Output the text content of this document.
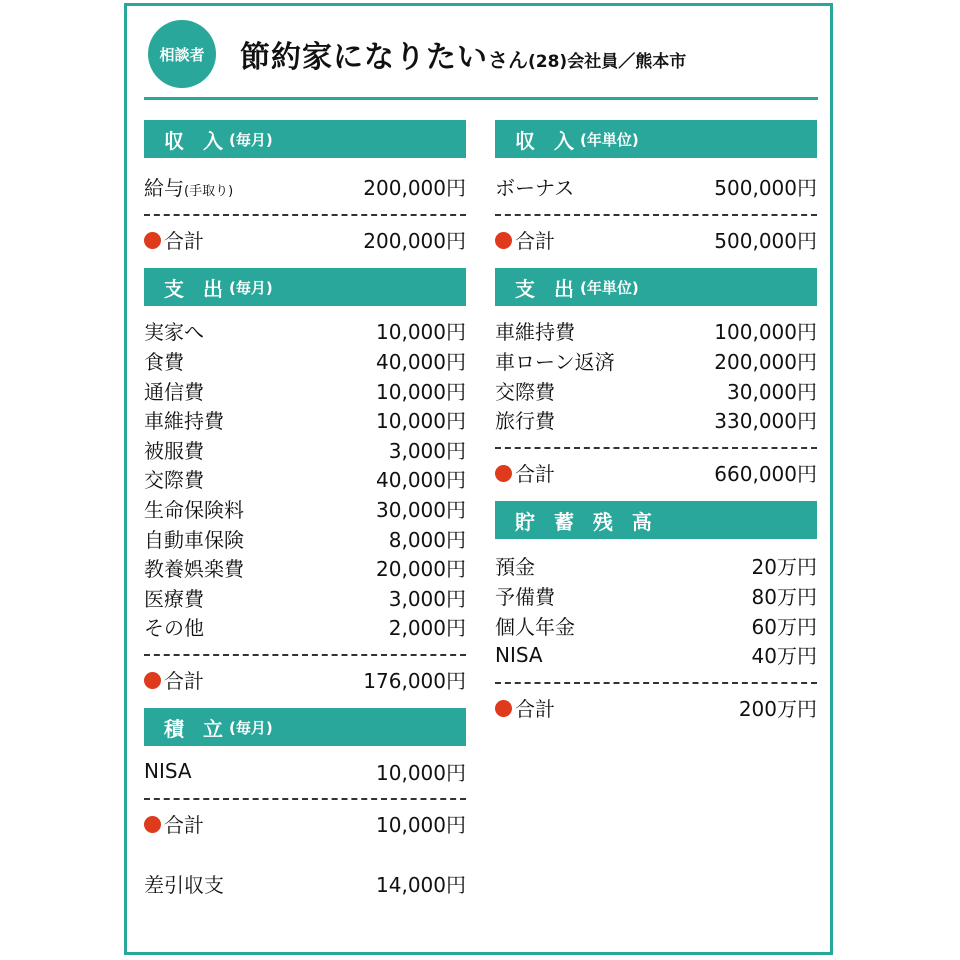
相談者	節約家になりたいさん(28)会社員／熊本市
収 入 (毎月)
給与(手取り)	200,000円
合計	200,000円
支 出 (毎月)
実家へ	10,000円
食費	40,000円
通信費	10,000円
車維持費	10,000円
被服費	3,000円
交際費	40,000円
生命保険料	30,000円
自動車保険	8,000円
教養娯楽費	20,000円
医療費	3,000円
その他	2,000円
合計	176,000円
積 立 (毎月)
NISA	10,000円
合計	10,000円
差引収支	14,000円
収 入 (年単位)
ボーナス	500,000円
合計	500,000円
支 出 (年単位)
車維持費	100,000円
車ローン返済	200,000円
交際費	30,000円
旅行費	330,000円
合計	660,000円
貯 蓄 残 高
預金	20万円
予備費	80万円
個人年金	60万円
NISA	40万円
合計	200万円
